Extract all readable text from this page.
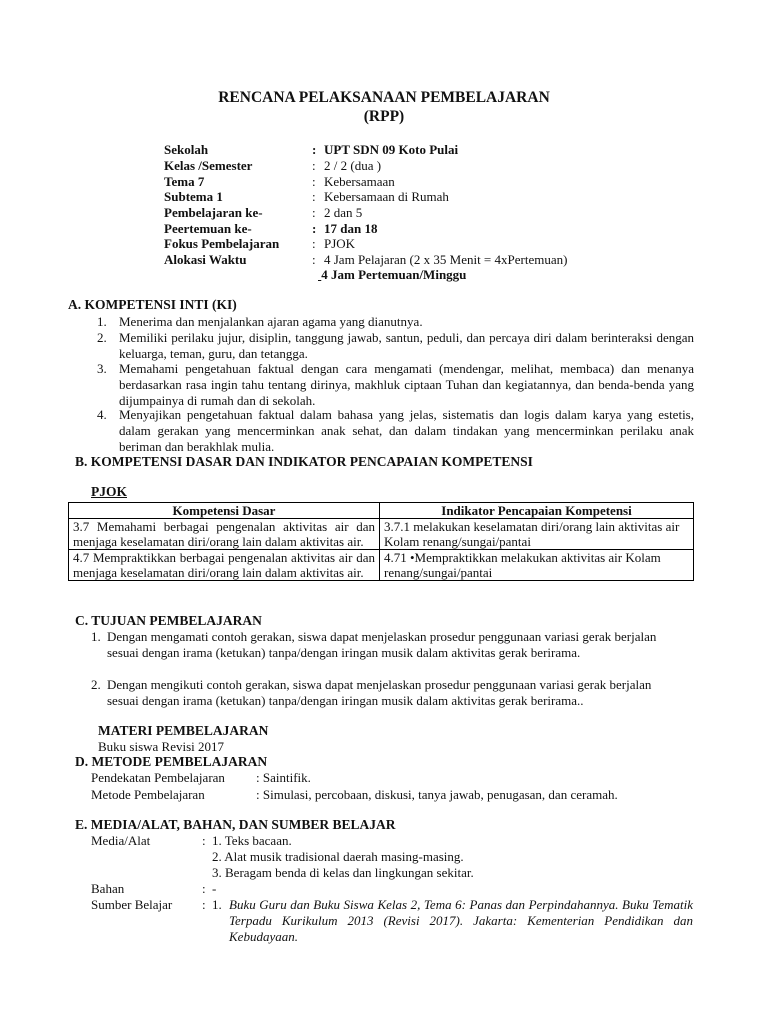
RENCANA PELAKSANAAN PEMBELAJARAN
(RPP)
Sekolah	: UPT SDN 09 Koto Pulai
Kelas /Semester	: 2 / 2 (dua )
Tema 7	: Kebersamaan
Subtema 1	: Kebersamaan di Rumah
Pembelajaran ke-	: 2 dan 5
Peertemuan ke-	: 17 dan 18
Fokus Pembelajaran	: PJOK
Alokasi Waktu	: 4 Jam Pelajaran (2 x 35 Menit = 4xPertemuan)
4 Jam Pertemuan/Minggu
A. KOMPETENSI INTI (KI)
1. Menerima dan menjalankan ajaran agama yang dianutnya.
2. Memiliki perilaku jujur, disiplin, tanggung jawab, santun, peduli, dan percaya diri dalam berinteraksi dengan keluarga, teman, guru, dan tetangga.
3. Memahami pengetahuan faktual dengan cara mengamati (mendengar, melihat, membaca) dan menanya berdasarkan rasa ingin tahu tentang dirinya, makhluk ciptaan Tuhan dan kegiatannya, dan benda-benda yang dijumpainya di rumah dan di sekolah.
4. Menyajikan pengetahuan faktual dalam bahasa yang jelas, sistematis dan logis dalam karya yang estetis, dalam gerakan yang mencerminkan anak sehat, dan dalam tindakan yang mencerminkan perilaku anak beriman dan berakhlak mulia.
B. KOMPETENSI DASAR DAN INDIKATOR PENCAPAIAN KOMPETENSI
PJOK
Kompetensi Dasar	Indikator Pencapaian Kompetensi
3.7 Memahami berbagai pengenalan aktivitas air dan menjaga keselamatan diri/orang lain dalam aktivitas air.	3.7.1 melakukan keselamatan diri/orang lain aktivitas air Kolam renang/sungai/pantai
4.7 Mempraktikkan berbagai pengenalan aktivitas air dan menjaga keselamatan diri/orang lain dalam aktivitas air.	4.71 •Mempraktikkan melakukan aktivitas air Kolam renang/sungai/pantai
C. TUJUAN PEMBELAJARAN
1. Dengan mengamati contoh gerakan, siswa dapat menjelaskan prosedur penggunaan variasi gerak berjalan sesuai dengan irama (ketukan) tanpa/dengan iringan musik dalam aktivitas gerak berirama.
2. Dengan mengikuti contoh gerakan, siswa dapat menjelaskan prosedur penggunaan variasi gerak berjalan sesuai dengan irama (ketukan) tanpa/dengan iringan musik dalam aktivitas gerak berirama..
MATERI PEMBELAJARAN
Buku siswa Revisi 2017
D. METODE PEMBELAJARAN
Pendekatan Pembelajaran : Saintifik.
Metode Pembelajaran	: Simulasi, percobaan, diskusi, tanya jawab, penugasan, dan ceramah.
E. MEDIA/ALAT, BAHAN, DAN SUMBER BELAJAR
Media/Alat	: 1. Teks bacaan.
2. Alat musik tradisional daerah masing-masing.
3. Beragam benda di kelas dan lingkungan sekitar.
Bahan	: -
Sumber Belajar : 1. Buku Guru dan Buku Siswa Kelas 2, Tema 6: Panas dan Perpindahannya. Buku Tematik Terpadu Kurikulum 2013 (Revisi 2017). Jakarta: Kementerian Pendidikan dan Kebudayaan.
